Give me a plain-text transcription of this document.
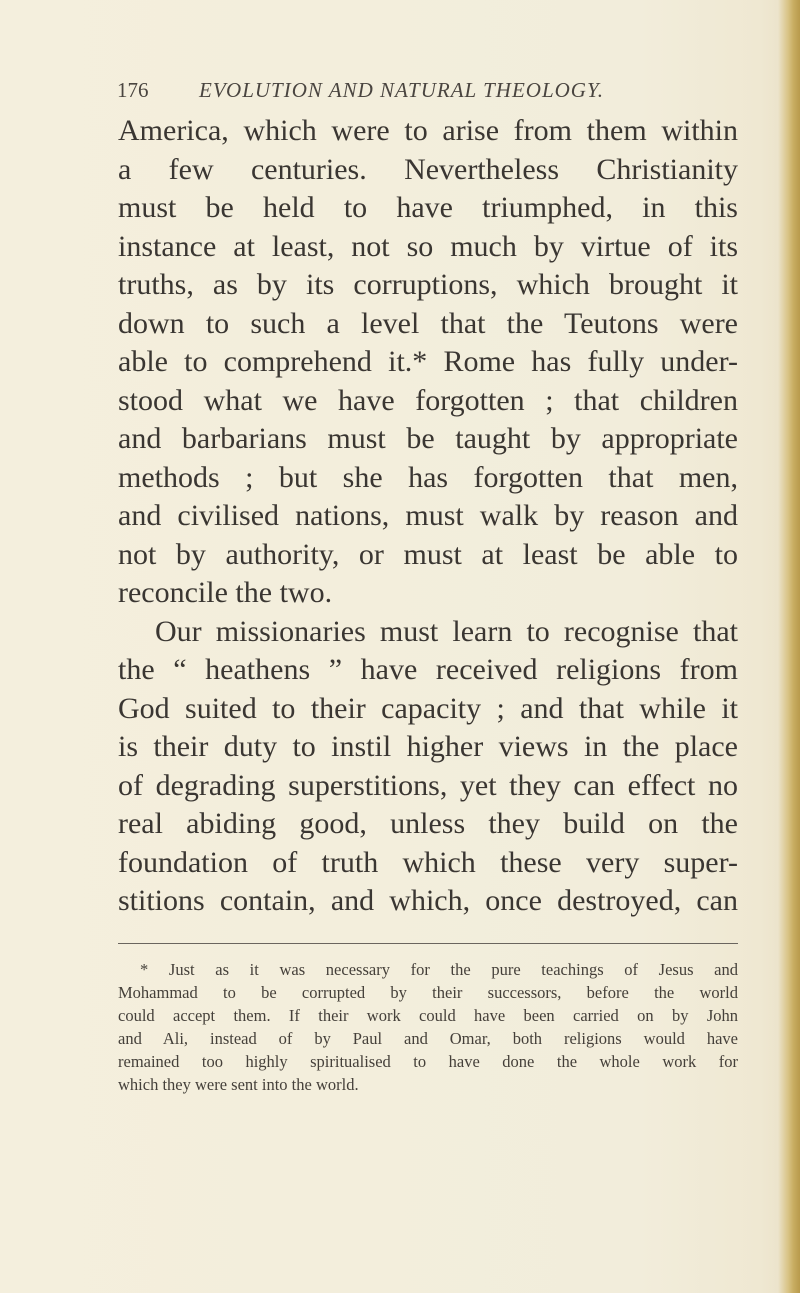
176 EVOLUTION AND NATURAL THEOLOGY.
America, which were to arise from them within
a few centuries. Nevertheless Christianity
must be held to have triumphed, in this
instance at least, not so much by virtue of its
truths, as by its corruptions, which brought it
down to such a level that the Teutons were
able to comprehend it.* Rome has fully under-
stood what we have forgotten ; that children
and barbarians must be taught by appropriate
methods ; but she has forgotten that men,
and civilised nations, must walk by reason and
not by authority, or must at least be able to
reconcile the two.
Our missionaries must learn to recognise that
the “ heathens ” have received religions from
God suited to their capacity ; and that while it
is their duty to instil higher views in the place
of degrading superstitions, yet they can effect no
real abiding good, unless they build on the
foundation of truth which these very super-
stitions contain, and which, once destroyed, can
* Just as it was necessary for the pure teachings of Jesus and
Mohammad to be corrupted by their successors, before the world
could accept them. If their work could have been carried on by John
and Ali, instead of by Paul and Omar, both religions would have
remained too highly spiritualised to have done the whole work for
which they were sent into the world.
